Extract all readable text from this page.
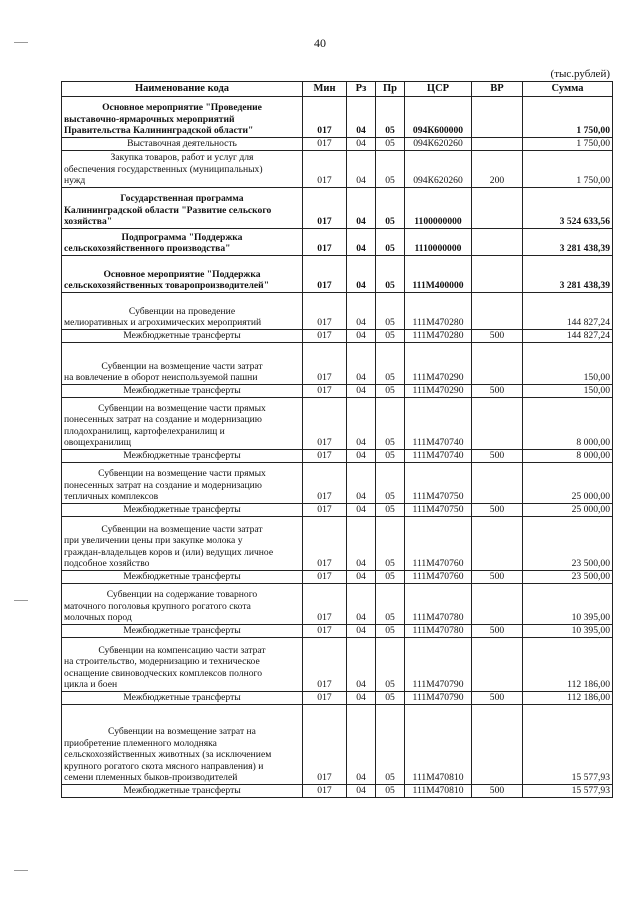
40
(тыс.рублей)
Наименование кода	Мин	Рз	Пр	ЦСР	ВР	Сумма

Основное мероприятие "Проведение
выставочно-ярмарочных мероприятий
Правительства Калининградской области"	017	04	05	094К600000		1 750,00

Выставочная деятельность	017	04	05	094К620260		1 750,00

Закупка товаров, работ и услуг для
обеспечения государственных (муниципальных)
нужд	017	04	05	094К620260	200	1 750,00

Государственная программа
Калининградской области "Развитие сельского
хозяйства"	017	04	05	1100000000		3 524 633,56

Подпрограмма "Поддержка
сельскохозяйственного производства"	017	04	05	1110000000		3 281 438,39

Основное мероприятие "Поддержка
сельскохозяйственных товаропроизводителей"	017	04	05	111М400000		3 281 438,39

Субвенции на проведение
мелиоративных и агрохимических мероприятий	017	04	05	111М470280		144 827,24

Межбюджетные трансферты	017	04	05	111М470280	500	144 827,24

Субвенции на возмещение части затрат
на вовлечение в оборот неиспользуемой пашни	017	04	05	111М470290		150,00

Межбюджетные трансферты	017	04	05	111М470290	500	150,00

Субвенции на возмещение части прямых
понесенных затрат на создание и модернизацию
плодохранилищ, картофелехранилищ и
овощехранилищ	017	04	05	111М470740		8 000,00

Межбюджетные трансферты	017	04	05	111М470740	500	8 000,00

Субвенции на возмещение части прямых
понесенных затрат на создание и модернизацию
тепличных комплексов	017	04	05	111М470750		25 000,00

Межбюджетные трансферты	017	04	05	111М470750	500	25 000,00

Субвенции на возмещение части затрат
при увеличении цены при закупке молока у
граждан-владельцев коров и (или) ведущих личное
подсобное хозяйство	017	04	05	111М470760		23 500,00

Межбюджетные трансферты	017	04	05	111М470760	500	23 500,00

Субвенции на содержание товарного
маточного поголовья крупного рогатого скота
молочных пород	017	04	05	111М470780		10 395,00

Межбюджетные трансферты	017	04	05	111М470780	500	10 395,00

Субвенции на компенсацию части затрат
на строительство, модернизацию и техническое
оснащение свиноводческих комплексов полного
цикла и боен	017	04	05	111М470790		112 186,00

Межбюджетные трансферты	017	04	05	111М470790	500	112 186,00

Субвенции на возмещение затрат на
приобретение племенного молодняка
сельскохозяйственных животных (за исключением
крупного рогатого скота мясного направления) и
семени племенных быков-производителей	017	04	05	111М470810		15 577,93

Межбюджетные трансферты	017	04	05	111М470810	500	15 577,93
